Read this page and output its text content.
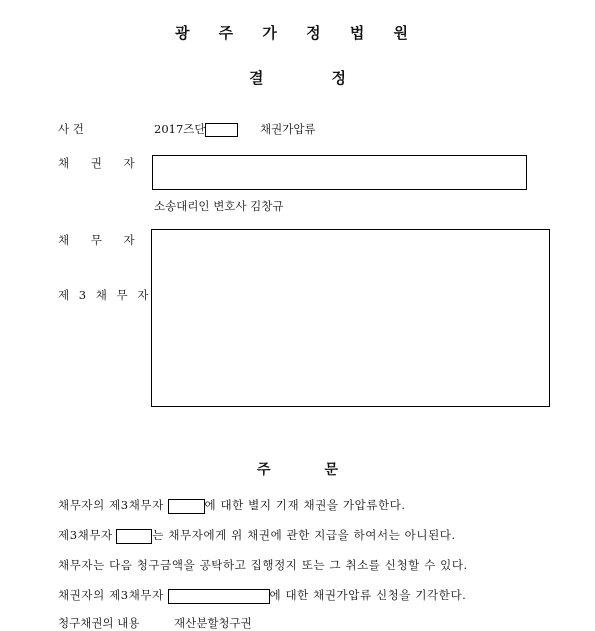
광 주 가 정 법 원
결	정
사 건	2017즈단	채권가압류
채 권 자
소송대리인 변호사 김창규
채 무 자
제 3 채 무 자
주	문
채무자의 제3채무자	에 대한 별지 기재 채권을 가압류한다.
제3채무자	는 채무자에게 위 채권에 관한 지급을 하여서는 아니된다.
채무자는 다음 청구금액을 공탁하고 집행정지 또는 그 취소를 신청할 수 있다.
채권자의 제3채무자	에 대한 채권가압류 신청을 기각한다.
청구채권의 내용	재산분할청구권
